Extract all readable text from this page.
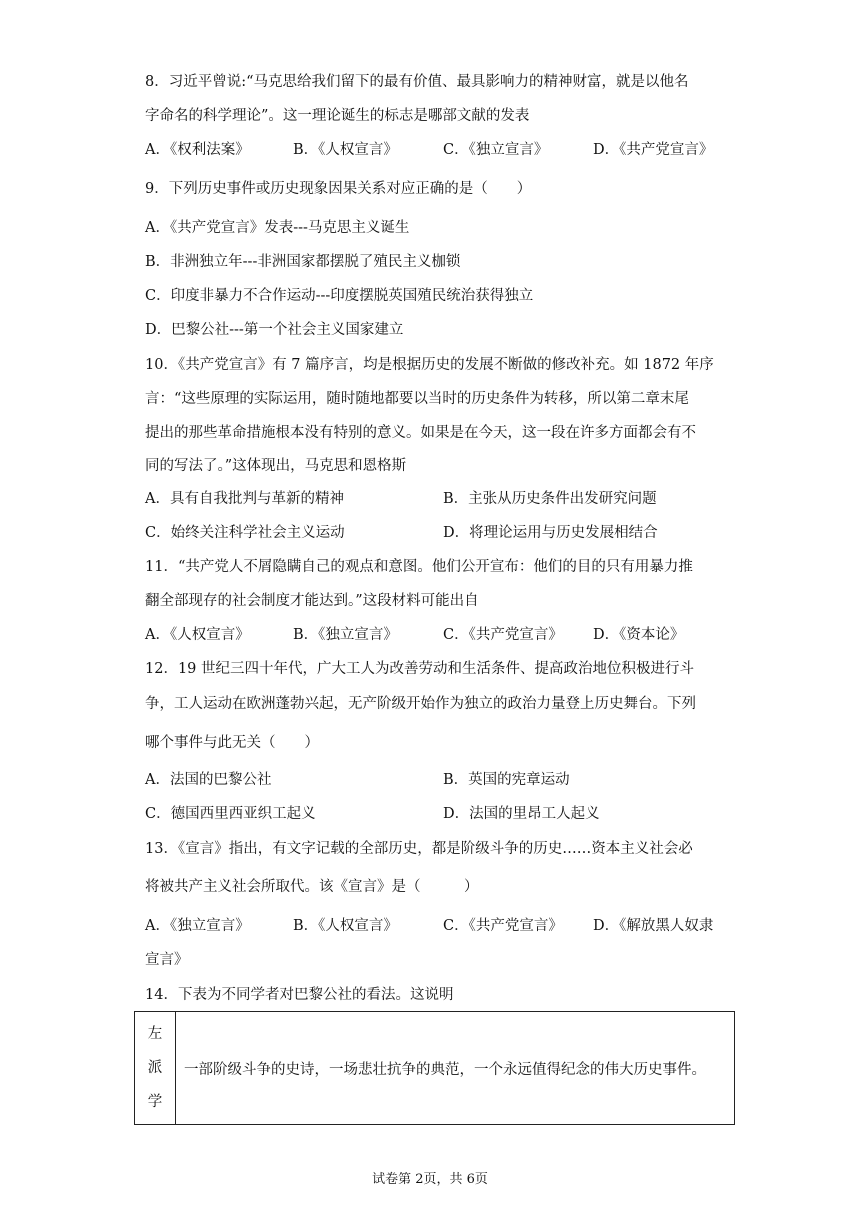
8．习近平曾说:“马克思给我们留下的最有价值、最具影响力的精神财富，就是以他名
字命名的科学理论”。这一理论诞生的标志是哪部文献的发表
A．《权利法案》	B．《人权宣言》	C．《独立宣言》	D．《共产党宣言》
9．下列历史事件或历史现象因果关系对应正确的是（　　）
A．《共产党宣言》发表---马克思主义诞生
B．非洲独立年---非洲国家都摆脱了殖民主义枷锁
C．印度非暴力不合作运动---印度摆脱英国殖民统治获得独立
D．巴黎公社---第一个社会主义国家建立
10．《共产党宣言》有 7 篇序言，均是根据历史的发展不断做的修改补充。如 1872 年序
言：“这些原理的实际运用，随时随地都要以当时的历史条件为转移，所以第二章末尾
提出的那些革命措施根本没有特别的意义。如果是在今天，这一段在许多方面都会有不
同的写法了。”这体现出，马克思和恩格斯
A．具有自我批判与革新的精神	B．主张从历史条件出发研究问题
C．始终关注科学社会主义运动	D．将理论运用与历史发展相结合
11．“共产党人不屑隐瞒自己的观点和意图。他们公开宣布：他们的目的只有用暴力推
翻全部现存的社会制度才能达到。”这段材料可能出自
A．《人权宣言》	B．《独立宣言》	C．《共产党宣言》 D．《资本论》
12．19 世纪三四十年代，广大工人为改善劳动和生活条件、提高政治地位积极进行斗
争，工人运动在欧洲蓬勃兴起，无产阶级开始作为独立的政治力量登上历史舞台。下列
哪个事件与此无关（　　）
A．法国的巴黎公社	B．英国的宪章运动
C．德国西里西亚织工起义	D．法国的里昂工人起义
13．《宣言》指出，有文字记载的全部历史，都是阶级斗争的历史……资本主义社会必
将被共产主义社会所取代。该《宣言》是（　　　）
A．《独立宣言》	B．《人权宣言》	C．《共产党宣言》 D．《解放黑人奴隶
宣言》
14．下表为不同学者对巴黎公社的看法。这说明
左
派
学
	一部阶级斗争的史诗，一场悲壮抗争的典范，一个永远值得纪念的伟大历史事件。
试卷第 2页，共 6页
